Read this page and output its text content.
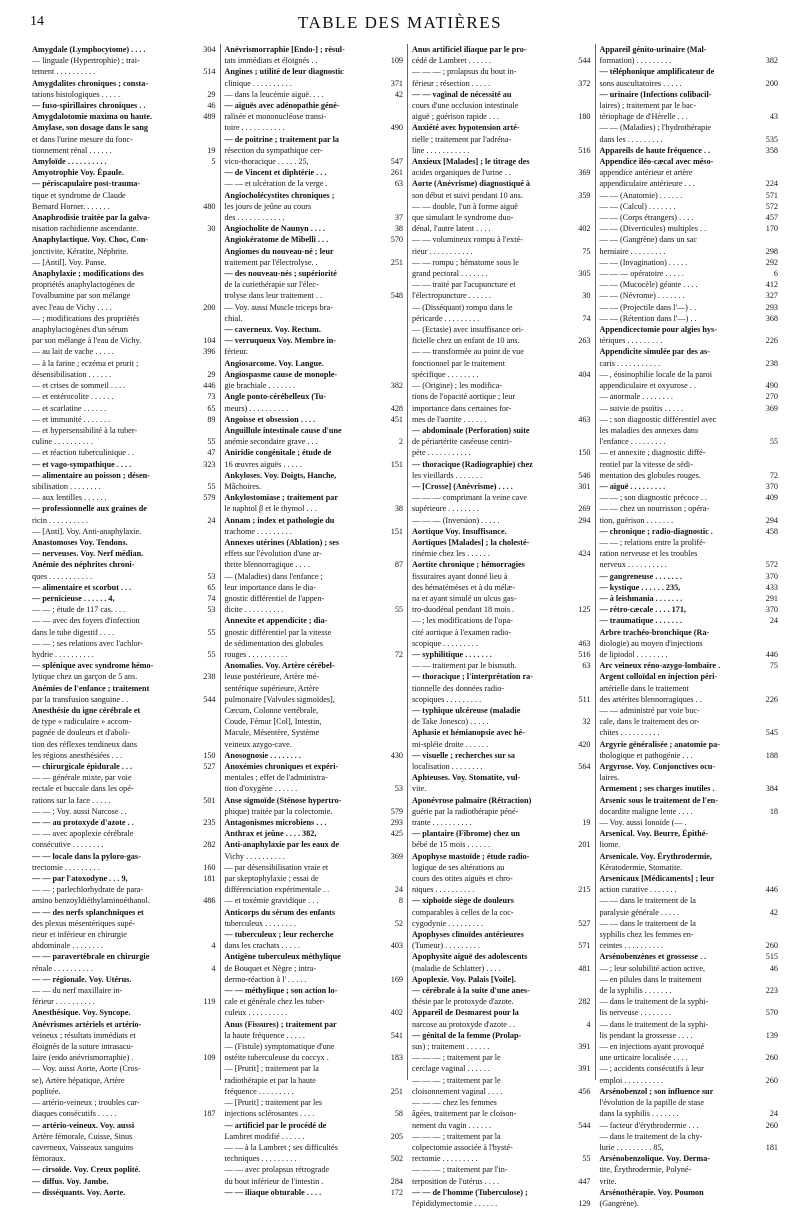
14	TABLE DES MATIÈRES
Amygdale (Lymphocytome) . . . .	304
— linguale (Hypertrophie) ; trai-
tement . . . . . . . . . .	514
Amygdalites chroniques ; consta-
tations histologiques . . . . .	29
— fuso-spirillaires chroniques . .	46
Amygdalotomie maxima ou haute.	489
Amylase, son dosage dans le sang
et dans l'urine mesure du fonc-
tionnement rénal . . . . . .	19
Amyloïde . . . . . . . . . .	5
Amyotrophie Voy. Épaule.
— périscapulaire post-trauma-
tique et syndrome de Claude
Bernard Horner. . . . . . .	480
Anaphrodisie traitée par la galva-
nisation rachidienne ascendante.	30
Anaphylactique. Voy. Choc, Con-
jonctivite, Kératite, Néphrite.
— [Antil]. Voy. Panse.
Anaphylaxie ; modifications des
propriétés anaphylactogènes de
l'ovalbumine par son mélange
avec l'eau de Vichy . . . .	200
— ; modifications des propriétés
anaphylactogènes d'un sérum
par son mélange à l'eau de Vichy.	104
— au lait de vache . . . . .	396
— à la farine ; eczéma et prurit ;
désensibilisation . . . . . .	29
— et crises de sommeil . . . .	446
— et entérocolite . . . . . .	73
— et scarlatine . . . . . .	65
— et immunité . . . . . . .	89
— et hypersensibilité à la tuber-
culine . . . . . . . . . .	55
— et réaction tuberculinique . .	47
— et vago-sympathique . . . .	323
— alimentaire au poisson ; désen-
sibilisation . . . . . . . .	55
— aux lentilles . . . . . .	579
— professionnelle aux graines de
ricin . . . . . . . . . .	24
— [Anti]. Voy. Anti-anaphylaxie.
Anastomoses Voy. Tendons.
— nerveuses. Voy. Nerf médian.
Anémie des néphrites chroni-
ques . . . . . . . . . . .	53
— alimentaire et scorbut . . .	65
— pernicieuse . . . . . . 4,	74
— — ; étude de 117 cas. . . .	53
— — avec des foyers d'infection
dans le tube digestif . . . .	55
— — ; ses relations avec l'achlor-
hydrie . . . . . . . . . .	55
— splénique avec syndrome hémo-
lytique chez un garçon de 5 ans.	238
Anémies de l'enfance ; traitement
par la transfusion sanguine . .	544
Anesthésie du igne cérébrale et
de type « radiculaire » accom-
pagnée de douleurs et d'aboli-
tion des réflexes tendineux dans
les régions anesthésiées . . .	150
— chirurgicale épidurale . . .	527
— — générale mixte, par voie
rectale et buccale dans les opé-
rations sur la face . . . . .	501
— — ; Voy. aussi Narcose . .
— — au protoxyde d'azote . .	235
— — avec apoplexie cérébrale
consécutive . . . . . . . .	282
— — locale dans la pyloro-gas-
trectomie . . . . . . . . .	160
— — par l'atoxodyne . . . 9,	181
— — ; parlechlorhydrate de para-
amino benzoyldiéthylaminoéthanol.	486
— — des nerfs splanchniques et
des plexus mésentériques supé-
rieur et inférieur en chirurgie
abdominale . . . . . . . .	4
— — paravertébrale en chirurgie
rénale . . . . . . . . . .	4
— — régionale. Voy. Utérus.
— — du nerf maxillaire in-
férieur . . . . . . . . . .	119
Anesthésique. Voy. Syncope.
Anévrismes artériels et artério-
veineux ; résultats immédiats et
éloignés de la suture intrasacu-
laire (endo anévrismorraphie) .	109
— Voy. aussi Aorte, Aorte (Cros-
se), Artère hépatique, Artère
poplitée.
— artério-veineux ; troubles car-
diaques consécutifs . . . . .	187
— artério-veineux. Voy. aussi
Artère fémorale, Cuisse, Sinus
caverneux, Vaisseaux sanguins
fémoraux.
— cirsoïde. Voy. Creux poplité.
— diffus. Voy. Jambe.
— disséquants. Voy. Aorte.
Anévrismorraphie [Endo-] ; résul-
tats immédiats et éloignés . .	109
Angines ; utilité de leur diagnostic
clinique . . . . . . . . . .	371
— dans la leucémie aiguë. . . .	42
— aiguës avec adénopathie géné-
ralisée et mononucléose transi-
toire . . . . . . . . . . .	490
— de poitrine ; traitement par la
résection du sympathique cer-
vico-thoracique . . . . . 25,	547
— de Vincent et diphtérie . . .	261
— — et ulcération de la verge .	63
Angiocholécystites chroniques ;
les jours de jeûne au cours
des . . . . . . . . . . . .	37
Angiocholite de Naunyn . . . .	38
Angiokératome de Mibelli . . .	570
Angiomes du nouveau-né ; leur
traitement par l'électrolyse. .	251
— des nouveau-nés ; supériorité
de la curiethérapie sur l'élec-
trolyse dans leur traitement . .	548
— Voy. aussi Muscle triceps bra-
chial.
— caverneux. Voy. Rectum.
— verruqueux Voy. Membre in-
férieur.
Angiosarcome. Voy. Langue.
Angiospasme cause de monople-
gie brachiale . . . . . . .	382
Angle ponto-cérébelleux (Tu-
meurs) . . . . . . . . . .	428
Angoisse et obsession . . . .	451
Anguillule intestinale cause d'une
anémie secondaire grave . . .	2
Aniridie congénitale ; étude de
16 œuvres aiguës . . . . .	151
Ankyloses. Voy. Doigts, Hanche,
Mâchoires.
Ankylostomiase ; traitement par
le naphtol β et le thymol . . .	38
Annam ; index et pathologie du
trachome . . . . . . . . .	151
Annexes utérines (Ablation) ; ses
effets sur l'évolution d'une ar-
thrite blennorragique . . . .	87
— (Maladies) dans l'enfance ;
leur importance dans le dia-
gnostic différentiel de l'appen-
dicite . . . . . . . . . .	55
Annexite et appendicite ; dia-
gnostic différentiel par la vitesse
de sédimentation des globules
rouges . . . . . . . . . .	72
Anomalies. Voy. Artère cérébel-
leuse postérieure, Artère mé-
sentérique supérieure, Artère
pulmonaire [Valvules sigmoïdes],
Cæcum, Colonne vertébrale,
Coude, Fémur [Col], Intestin,
Macule, Mésentère, Système
veineux azygo-cave.
Anosognosie . . . . . . . .	430
Anoxémies chroniques et expéri-
mentales ; effet de l'administra-
tion d'oxygène . . . . . .	53
Anse sigmoïde (Sténose hypertro-
phique) traitée par la colectomie.	579
Antagonismes microbiens . . .	293
Anthrax et jeûne . . . . 382,	425
Anti-anaphylaxie par les eaux de
Vichy . . . . . . . . . .	369
— par désensibilisation vraie et
par skeptophylaxie ; essai de
différenciation expérimentale . .	24
— et toxémie gravidique . . .	8
Anticorps du sérum des enfants
tuberculeux . . . . . . . .	52
— tuberculeux ; leur recherche
dans les crachats . . . . .	403
Antigène tuberculeux méthylique
de Bouquet et Nègre ; intra-
dermo-réaction à l' . . . . .	169
— — méthylique ; son action lo-
cale et générale chez les tuber-
culeux . . . . . . . . . .	402
Anus (Fissures) ; traitement par
la haute fréquence . . . . .	541
— (Fistule) symptomatique d'une
ostéite tuberculeuse du coccyx .	183
— [Prurit] ; traitement par la
radiothérapie et par la haute
fréquence . . . . . . . . .	251
— [Prurit] ; traitement par les
injections sclérosantes . . . .	58
— artificiel par le procédé de
Lambret modifié . . . . . .	205
— — à la Lambret ; ses difficultés
techniques . . . . . . . . .	502
— — avec prolapsus rétrograde
du bout inférieur de l'intestin .	284
— — iliaque obturable . . . .	172
Anus artificiel iliaque par le pro-
cédé de Lambret . . . . . .	544
— — — ; prolapsus du bout in-
férieur ; résection . . . . .	372
— — vaginal de nécessité au
cours d'une occlusion intestinale
aiguë ; guérison rapide . . .	180
Anxiété avec hypotension arté-
rielle ; traitement par l'adréna-
line . . . . . . . . . . .	516
Anxieux [Malades] ; le titrage des
acides organiques de l'urine . .	369
Aorte (Anévrisme) diagnostiqué à
son début et suivi pendant 10 ans.	359
— — double, l'un à forme aiguë
que simulant le syndrome duo-
dénal, l'autre latent . . . .	402
— — volumineux rompu à l'exté-
rieur . . . . . . . . . . .	75
— — rompu ; hématome sous le
grand pectoral . . . . . . .	305
— — traité par l'acupuncture et
l'électropuncture . . . . . .	30
— (Disséquant) rompu dans le
péricarde . . . . . . . . .	74
— (Ectasie) avec insuffisance ori-
ficielle chez un enfant de 10 ans.	263
— — transformée au point de vue
fonctionnel par le traitement
spécifique . . . . . . . .	404
— (Origine) ; les modifica-
tions de l'opacité aortique ; leur
importance dans certaines for-
mes de l'aortite . . . . . .	463
— abdominale (Perforation) suite
de périartérite caséeuse centri-
pète . . . . . . . . . . .	150
— thoracique (Radiographie) chez
les vieillards . . . . . . .	546
— [Crosse] (Anévrisme) . . . .	301
— — — comprimant la veine cave
supérieure . . . . . . . .	269
— — — (Inversion) . . . . .	294
Aortique Voy. Insuffisance.
Aortiques [Malades] ; la cholesté-
rinémie chez les . . . . . .	424
Aortite chronique ; hémorragies
fissuraires ayant donné lieu à
des hématémèses et à du mélæ-
na et ayant simulé un ulcus gas-
tro-duodénal pendant 18 mois .	125
— ; les modifications de l'opa-
cité aortique à l'examen radio-
scopique . . . . . . . . .	463
— syphilitique . . . . . . .	516
— — traitement par le bismuth.	63
— thoracique ; l'interprétation ra-
tionnelle des données radio-
scopiques . . . . . . . . .	511
— typhique ulcéreuse (maladie
de Take Jonesco) . . . . .	32
Aphasie et hémianopsie avec hé-
mi-spléie droite . . . . . .	420
— visuelle ; recherches sur sa
localisation . . . . . . . .	564
Aphteuses. Voy. Stomatite, vul-
vite.
Aponévrose palmaire (Rétraction)
guérie par la radiothérapie péné-
trante . . . . . . . . . .	19
— plantaire (Fibrome) chez un
bébé de 15 mois . . . . . .	201
Apophyse mastoïde ; étude radio-
logique de ses altérations au
cours des otites aiguës et chro-
niques . . . . . . . . . .	215
— xiphoïde siège de douleurs
comparables à celles de la coc-
cygodynie . . . . . . . . .	527
Apophyses clinoïdes antérieures
(Tumeur) . . . . . . . . .	571
Apophysite aiguë des adolescents
(maladie de Schlatter) . . . .	481
Apoplexie. Voy. Palais [Voile].
— cérébrale à la suite d'une anes-
thésie par le protoxyde d'azote.	282
Appareil de Desmarest pour la
narcose au protoxyde d'azote . .	4
— génital de la femme (Prolap-
sus) ; traitement . . . . . .	391
— — — ; traitement par le
cerclage vaginal . . . . . .	391
— — — ; traitement par le
cloisonnement vaginal . . . .	456
— — — chez les femmes
âgées, traitement par le cloison-
nement du vagin . . . . . .	544
— — — ; traitement par la
colpectomie associée à l'hysté-
rectomie . . . . . . . . .	55
— — — ; traitement par l'in-
terposition de l'utérus . . . .	447
— — de l'homme (Tuberculose) ;
l'épididymectomie . . . . . .	129
Appareil génito-urinaire (Mal-
formation) . . . . . . . . .	382
— téléphonique amplificateur de
sons auscultatoires . . . . .	200
— urinaire (Infections colibacil-
laires) ; traitement par le bac-
tériophage de d'Hérelle . . .	43
— — (Maladies) ; l'hydrothérapie
dans les . . . . . . . . .	535
Appareils de haute fréquence . .	358
Appendice iléo-cæcal avec méso-
appendice antérieur et artère
appendiculaire antérieure . . .	224
— — (Anatomie) . . . . . .	571
— — (Calcul) . . . . . . .	572
— — (Corps étrangers) . . . .	457
— — (Diverticules) multiples . .	170
— — (Gangrène) dans un sac
herniaire . . . . . . . . .	298
— — (Invagination) . . . . .	292
— — — opératoire . . . . .	6
— — (Mucocèle) géante . . . .	412
— — (Névrome) . . . . . . .	327
— — (Projectile dans l'—) . .	293
— — (Rétention dans l'—) . .	368
Appendicectomie pour algies hys-
tériques . . . . . . . . .	226
Appendicite simulée par des as-
caris . . . . . . . . . . .	238
— , éosinophilie locale de la paroi
appendiculaire et oxyurose . .	490
— anormale . . . . . . . .	270
— suivie de psoïtis . . . . .	369
— ; son diagnostic différentiel avec
les maladies des annexes dans
l'enfance . . . . . . . . .	55
— et annexite ; diagnostic diffé-
rentiel par la vitesse de sédi-
mentation des globules rouges.	72
— aiguë . . . . . . . . .	370
— — ; son diagnostic précoce . .	409
— — chez un nourrisson ; opéra-
tion, guérison . . . . . . .	294
— chronique ; radio-diagnostic .	458
— — ; relations entre la prolifé-
ration nerveuse et les troubles
nerveux . . . . . . . . . .	572
— gangreneuse . . . . . . .	370
— kystique . . . . . . 235,	433
— à leishmania . . . . . . .	291
— rétro-cæcale . . . . 171,	370
— traumatique . . . . . . .	24
Arbre trachéo-bronchique (Ra-
diologie) au moyen d'injections
de lipiodol . . . . . . . .	446
Arc veineux réno-azygo-lombaire .	75
Argent colloïdal en injection péri-
artérielle dans le traitement
des artérites blennorragiques . .	226
— — administré par voie buc-
cale, dans le traitement des or-
chites . . . . . . . . . .	545
Argyrie généralisée ; anatomie pa-
thologique et pathogénie . . .	188
Argyrose. Voy. Conjonctives ocu-
laires.
Armement ; ses charges inutiles .	384
Arsenic sous le traitement de l'en-
docardite maligne lente . . . .	18
— Voy. aussi Ionoïde (— .
Arsenical. Voy. Beurre, Épithé-
liome.
Arsenicale. Voy. Érythrodermie,
Kératodermie, Stomatite.
Arsenicaux [Médicaments] ; leur
action curative . . . . . . .	446
— — dans le traitement de la
paralysie générale . . . . .	42
— — dans le traitement de la
syphilis chez les femmes en-
ceintes . . . . . . . . . .	260
Arsénobenzènes et grossesse . .	515
— ; leur solubilité action active,	46
— en pilules dans le traitement
de la syphilis . . . . . . .	223
— dans le traitement de la syphi-
lis nerveuse . . . . . . . .	570
— dans le traitement de la syphi-
lis pendant la grossesse . . . .	139
— en injections ayant provoqué
une urticaire localisée . . . .	260
— ; accidents consécutifs à leur
emploi . . . . . . . . . .	260
Arsénobenzol ; son influence sur
l'évolution de la papille de stase
dans la syphilis . . . . . . .	24
— facteur d'érythrodermie . . .	260
— dans le traitement de la chy-
lurie . . . . . . . . . 85,	181
Arsénobenzolique. Voy. Derma-
tite, Érythrodermie, Polyné-
vrite.
Arsénothérapie. Voy. Poumon
(Gangrène).
